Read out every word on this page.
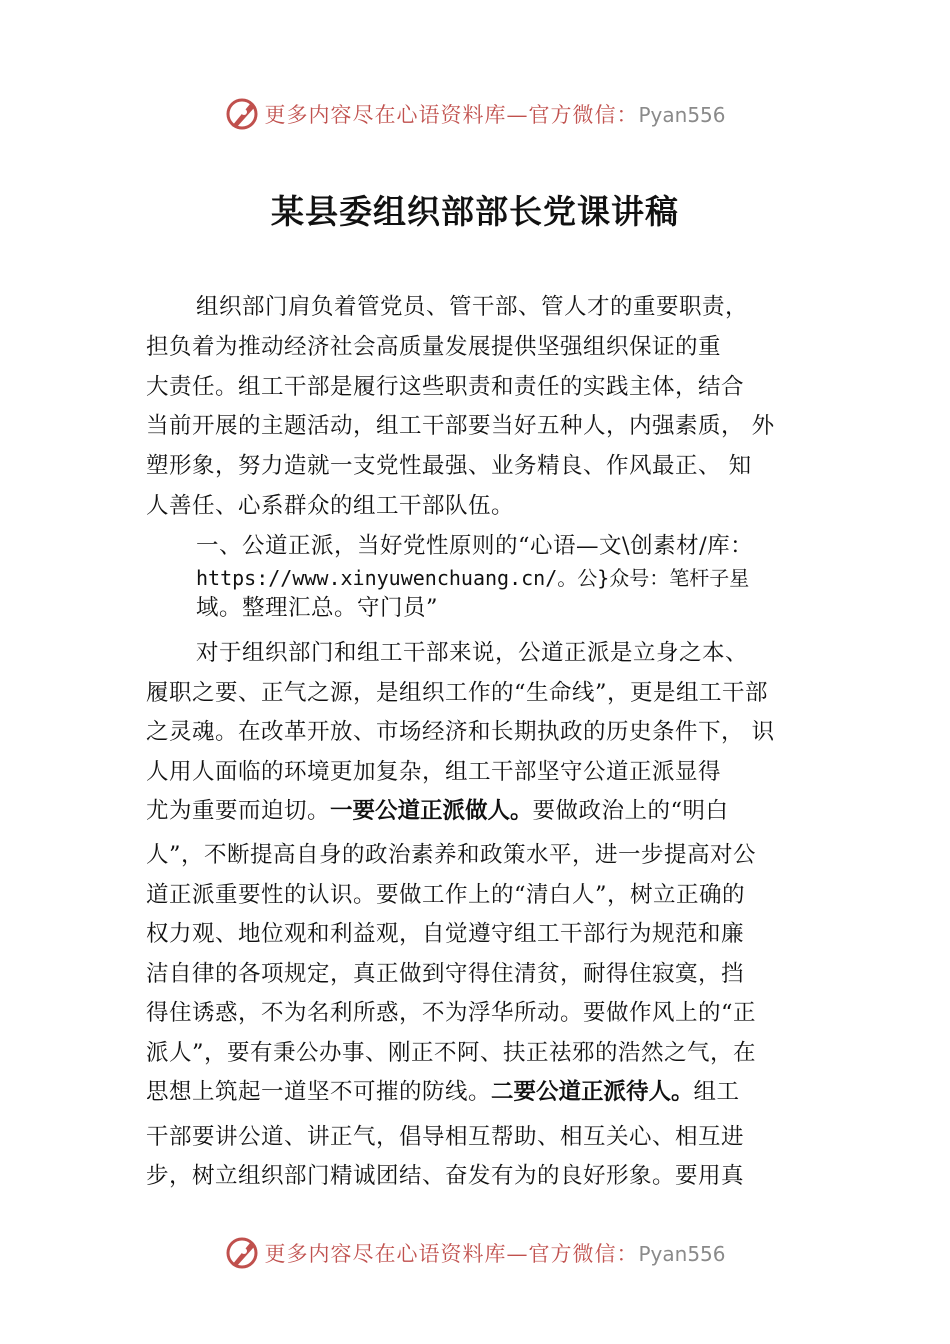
更多内容尽在心语资料库—官方微信：Pyan556
某县委组织部部长党课讲稿
组织部门肩负着管党员、管干部、管人才的重要职责，
担负着为推动经济社会高质量发展提供坚强组织保证的重
大责任。组工干部是履行这些职责和责任的实践主体，结合
当前开展的主题活动，组工干部要当好五种人，内强素质， 外
塑形象，努力造就一支党性最强、业务精良、作风最正、 知
人善任、心系群众的组工干部队伍。
一、公道正派，当好党性原则的“心语—文\创素材/库：
https://www.xinyuwenchuang.cn/。公}众号：笔杆子星
域。整理汇总。守门员”
对于组织部门和组工干部来说，公道正派是立身之本、
履职之要、正气之源，是组织工作的“生命线”，更是组工干部
之灵魂。在改革开放、市场经济和长期执政的历史条件下， 识
人用人面临的环境更加复杂，组工干部坚守公道正派显得
尤为重要而迫切。一要公道正派做人。要做政治上的“明白
人”，不断提高自身的政治素养和政策水平，进一步提高对公
道正派重要性的认识。要做工作上的“清白人”，树立正确的
权力观、地位观和利益观，自觉遵守组工干部行为规范和廉
洁自律的各项规定，真正做到守得住清贫，耐得住寂寞，挡
得住诱惑，不为名利所惑，不为浮华所动。要做作风上的“正
派人”，要有秉公办事、刚正不阿、扶正祛邪的浩然之气，在
思想上筑起一道坚不可摧的防线。二要公道正派待人。组工
干部要讲公道、讲正气，倡导相互帮助、相互关心、相互进
步，树立组织部门精诚团结、奋发有为的良好形象。要用真
更多内容尽在心语资料库—官方微信：Pyan556
